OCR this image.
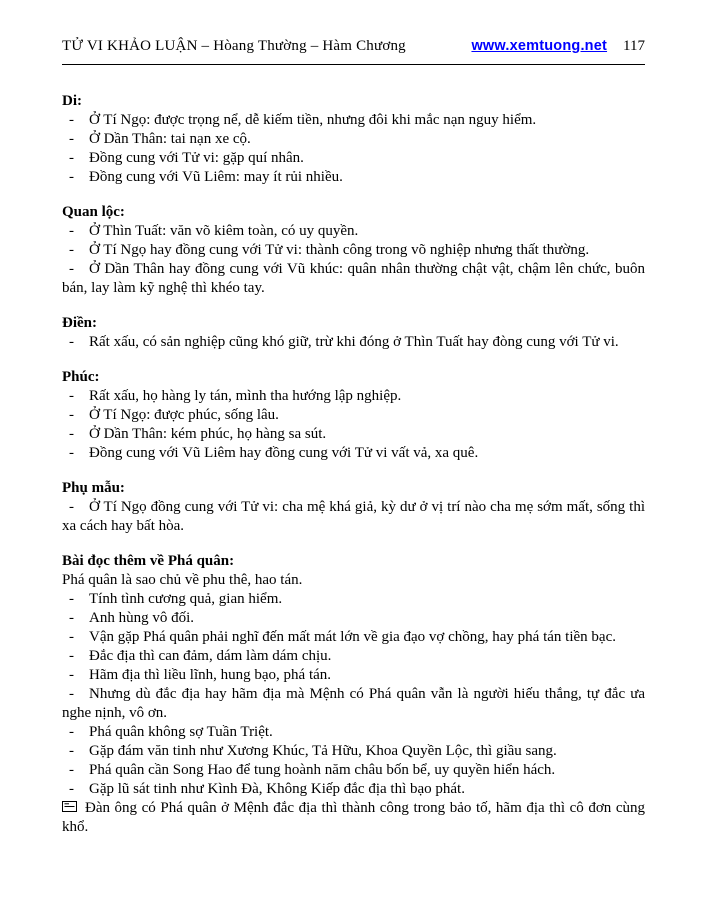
TỬ VI KHẢO LUẬN – Hòang Thường – Hàm Chương	www.xemtuong.net 117

Di:

- Ở Tí Ngọ: được trọng nể, dễ kiếm tiền, nhưng đôi khi mắc nạn nguy hiểm.

- Ở Dần Thân: tai nạn xe cộ.

- Đồng cung với Tử vi: gặp quí nhân.

- Đồng cung với Vũ Liêm: may ít rủi nhiều.

Quan lộc:

- Ở Thìn Tuất: văn võ kiêm toàn, có uy quyền.

- Ở Tí Ngọ hay đồng cung với Tử vi: thành công trong võ nghiệp nhưng thất thường.

- Ở Dần Thân hay đồng cung với Vũ khúc: quân nhân thường chật vật, chậm lên chức, buôn bán, lay làm kỹ nghệ thì khéo tay.

Điền:

- Rất xấu, có sản nghiệp cũng khó giữ, trừ khi đóng ở Thìn Tuất hay đòng cung với Tử vi.

Phúc:

- Rất xấu, họ hàng ly tán, mình tha hướng lập nghiệp.

- Ở Tí Ngọ: được phúc, sống lâu.

- Ở Dần Thân: kém phúc, họ hàng sa sút.

- Đồng cung với Vũ Liêm hay đồng cung với Tử vi vất vả, xa quê.

Phụ mẫu:

- Ở Tí Ngọ đồng cung với Tử vi: cha mệ khá giả, kỳ dư ở vị trí nào cha mẹ sớm mất, sống thì xa cách hay bất hòa.

Bài đọc thêm về Phá quân:

Phá quân là sao chủ về phu thê, hao tán.

- Tính tình cương quả, gian hiểm.

- Anh hùng vô đối.

- Vận gặp Phá quân phải nghĩ đến mất mát lớn về gia đạo vợ chồng, hay phá tán tiền bạc.

- Đắc địa thì can đảm, dám làm dám chịu.

- Hãm địa thì liều lĩnh, hung bạo, phá tán.

- Nhưng dù đắc địa hay hãm địa mà Mệnh có Phá quân vẫn là người hiếu thắng, tự đắc ưa nghe nịnh, vô ơn.

- Phá quân không sợ Tuần Triệt.

- Gặp đám văn tinh như Xương Khúc, Tả Hữu, Khoa Quyền Lộc, thì giầu sang.

- Phá quân cần Song Hao để tung hoành năm châu bốn bể, uy quyền hiển hách.

- Gặp lũ sát tinh như Kình Đà, Không Kiếp đắc địa thì bạo phát.

Đàn ông có Phá quân ở Mệnh đắc địa thì thành công trong bảo tố, hãm địa thì cô đơn cùng khổ.
